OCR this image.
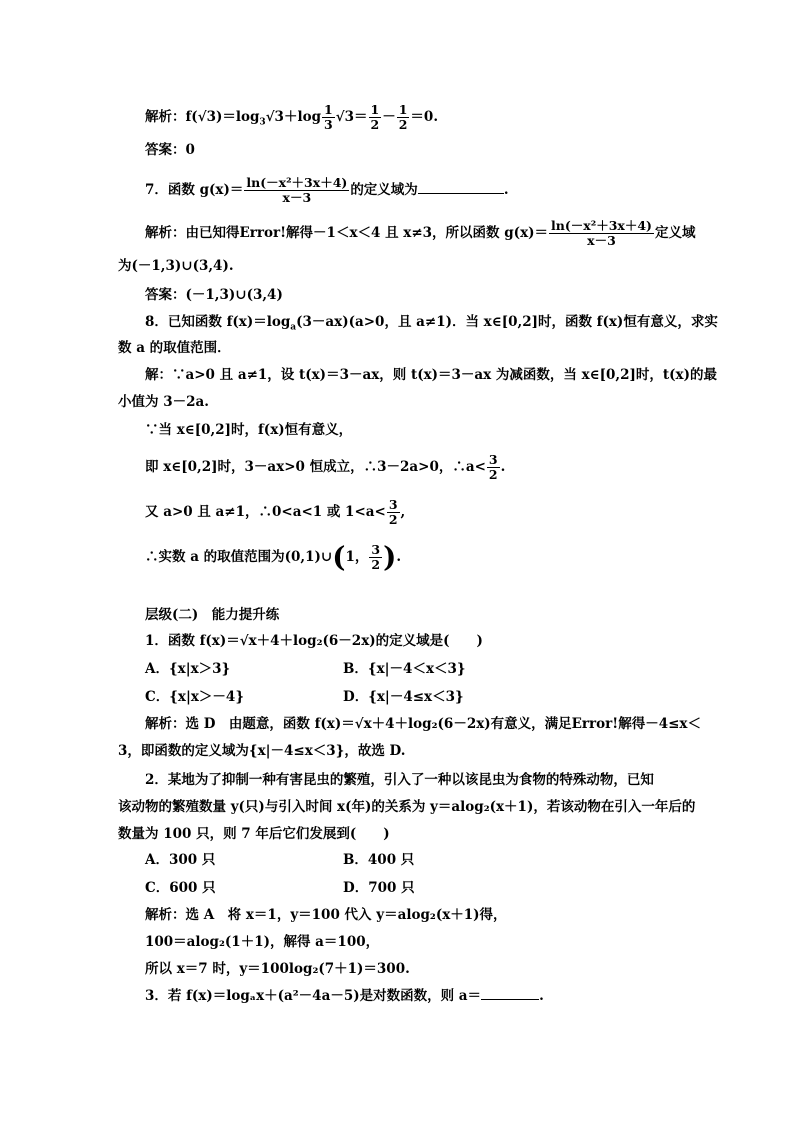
解析：$f(√3)=\log_3√3+\log \frac{1}{3} √3= \frac{1}{2} - \frac{1}{2} =0$.
答案：0
7．函数 $g(x)= \frac{\text{ln(－x²＋3x＋4)}}{x-3}$ 的定义域为	.
解析：由已知得Error!解得－1＜x＜4 且 x≠3，所以函数 $g(x)= \frac{\text{ln(－x²＋3x＋4)}}{x-3}$ 定义域
为(－1,3)∪(3,4).
答案：(－1,3)∪(3,4)
8．已知函数 $f(x)=\log_a(3-ax)(a>0$，且 a≠1)．当 x∈[0,2]时，函数 f(x)恒有意义，求实
数 a 的取值范围．
解：∵a>0 且 a≠1，设 t(x)＝3－ax，则 t(x)＝3－ax 为减函数，当 x∈[0,2]时，t(x)的最
小值为 3－2a.
∵当 x∈[0,2]时，f(x)恒有意义，
即 x∈[0,2]时，3－ax>0 恒成立，∴3－2a>0，∴a< $\frac{3}{2}$ .
又 a>0 且 a≠1，∴0<a<1 或 $1<a< \frac{3}{2}$ ,
∴实数 a 的取值范围为(0,1)∪(1， $\frac{3}{2}$ ).
层级(二)　能力提升练
1．函数 f(x)＝√x＋4＋log₂(6－2x)的定义域是(　　)
A．{x|x＞3}	B．{x|－4＜x＜3}
C．{x|x＞－4}	D．{x|－4≤x＜3}
解析：选 D　由题意，函数 f(x)＝√x＋4＋log₂(6－2x)有意义，满足Error!解得－4≤x＜
3，即函数的定义域为{x|－4≤x＜3}，故选 D.
2．某地为了抑制一种有害昆虫的繁殖，引入了一种以该昆虫为食物的特殊动物，已知
该动物的繁殖数量 y(只)与引入时间 x(年)的关系为 y＝alog₂(x＋1)，若该动物在引入一年后的
数量为 100 只，则 7 年后它们发展到(　　)
A．300 只	B．400 只
C．600 只	D．700 只
解析：选 A　将 x＝1，y＝100 代入 y＝alog₂(x＋1)得，
100＝alog₂(1＋1)，解得 a＝100，
所以 x＝7 时，y＝100log₂(7＋1)＝300.
3．若 f(x)＝logₐx＋(a²－4a－5)是对数函数，则 a＝	.
